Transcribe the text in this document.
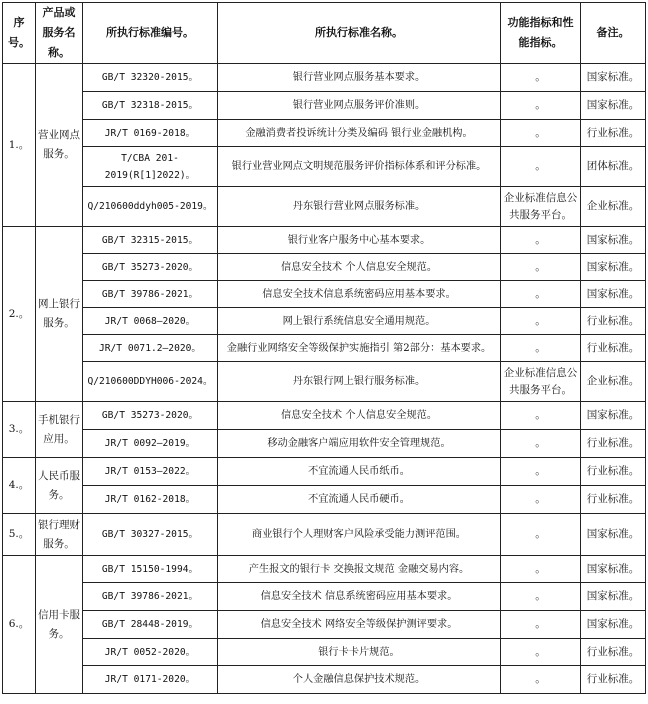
序号。	产品或服务名称。	所执行标准编号。	所执行标准名称。	功能指标和性能指标。	备注。
1.。	营业网点服务。	GB/T 32320-2015。	银行营业网点服务基本要求。	。	国家标准。
		GB/T 32318-2015。	银行营业网点服务评价准则。	。	国家标准。
		JR/T 0169-2018。	金融消费者投诉统计分类及编码 银行业金融机构。	。	行业标准。
		T/CBA 201-2019(R[1]2022)。	银行业营业网点文明规范服务评价指标体系和评分标准。	。	团体标准。
		Q/210600ddyh005-2019。	丹东银行营业网点服务标准。	企业标准信息公共服务平台。	企业标准。
2.。	网上银行服务。	GB/T 32315-2015。	银行业客户服务中心基本要求。	。	国家标准。
		GB/T 35273-2020。	信息安全技术 个人信息安全规范。	。	国家标准。
		GB/T 39786-2021。	信息安全技术信息系统密码应用基本要求。	。	国家标准。
		JR/T 0068—2020。	网上银行系统信息安全通用规范。	。	行业标准。
		JR/T 0071.2—2020。	金融行业网络安全等级保护实施指引 第2部分：基本要求。	。	行业标准。
		Q/210600DDYH006-2024。	丹东银行网上银行服务标准。	企业标准信息公共服务平台。	企业标准。
3.。	手机银行应用。	GB/T 35273-2020。	信息安全技术 个人信息安全规范。	。	国家标准。
		JR/T 0092—2019。	移动金融客户端应用软件安全管理规范。	。	行业标准。
4.。	人民币服务。	JR/T 0153—2022。	不宜流通人民币纸币。	。	行业标准。
		JR/T 0162-2018。	不宜流通人民币硬币。	。	行业标准。
5.。	银行理财服务。	GB/T 30327-2015。	商业银行个人理财客户风险承受能力测评范围。	。	国家标准。
6.。	信用卡服务。	GB/T 15150-1994。	产生报文的银行卡 交换报文规范 金融交易内容。	。	国家标准。
		GB/T 39786-2021。	信息安全技术 信息系统密码应用基本要求。	。	国家标准。
		GB/T 28448-2019。	信息安全技术 网络安全等级保护测评要求。	。	国家标准。
		JR/T 0052-2020。	银行卡卡片规范。	。	行业标准。
		JR/T 0171-2020。	个人金融信息保护技术规范。	。	行业标准。
